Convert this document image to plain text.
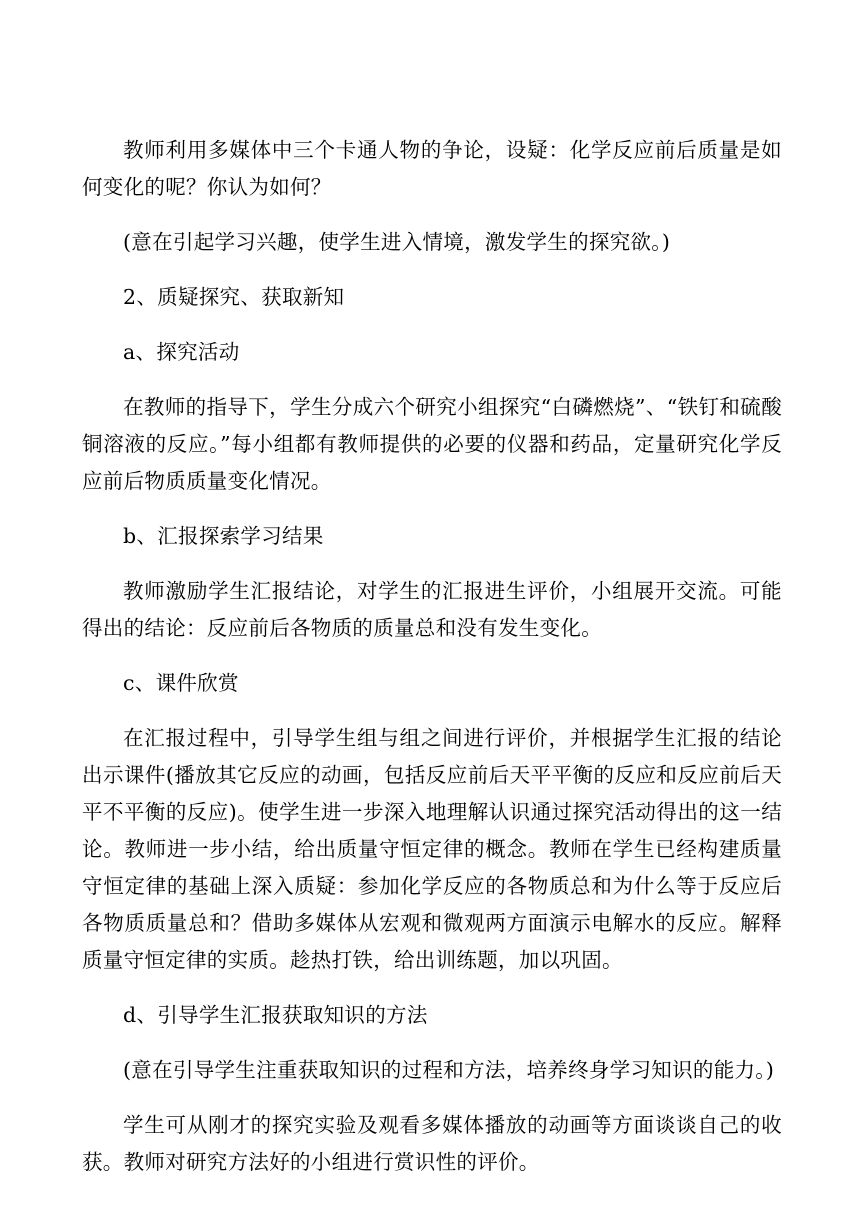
教师利用多媒体中三个卡通人物的争论，设疑：化学反应前后质量是如何变化的呢？你认为如何？

(意在引起学习兴趣，使学生进入情境，激发学生的探究欲。)

2、质疑探究、获取新知

a、探究活动

在教师的指导下，学生分成六个研究小组探究“白磷燃烧”、“铁钉和硫酸铜溶液的反应。”每小组都有教师提供的必要的仪器和药品，定量研究化学反应前后物质质量变化情况。

b、汇报探索学习结果

教师激励学生汇报结论，对学生的汇报进生评价，小组展开交流。可能得出的结论：反应前后各物质的质量总和没有发生变化。

c、课件欣赏

在汇报过程中，引导学生组与组之间进行评价，并根据学生汇报的结论出示课件(播放其它反应的动画，包括反应前后天平平衡的反应和反应前后天平不平衡的反应)。使学生进一步深入地理解认识通过探究活动得出的这一结论。教师进一步小结，给出质量守恒定律的概念。教师在学生已经构建质量守恒定律的基础上深入质疑：参加化学反应的各物质总和为什么等于反应后各物质质量总和？借助多媒体从宏观和微观两方面演示电解水的反应。解释质量守恒定律的实质。趁热打铁，给出训练题，加以巩固。

d、引导学生汇报获取知识的方法

(意在引导学生注重获取知识的过程和方法，培养终身学习知识的能力。)

学生可从刚才的探究实验及观看多媒体播放的动画等方面谈谈自己的收获。教师对研究方法好的小组进行赏识性的评价。
